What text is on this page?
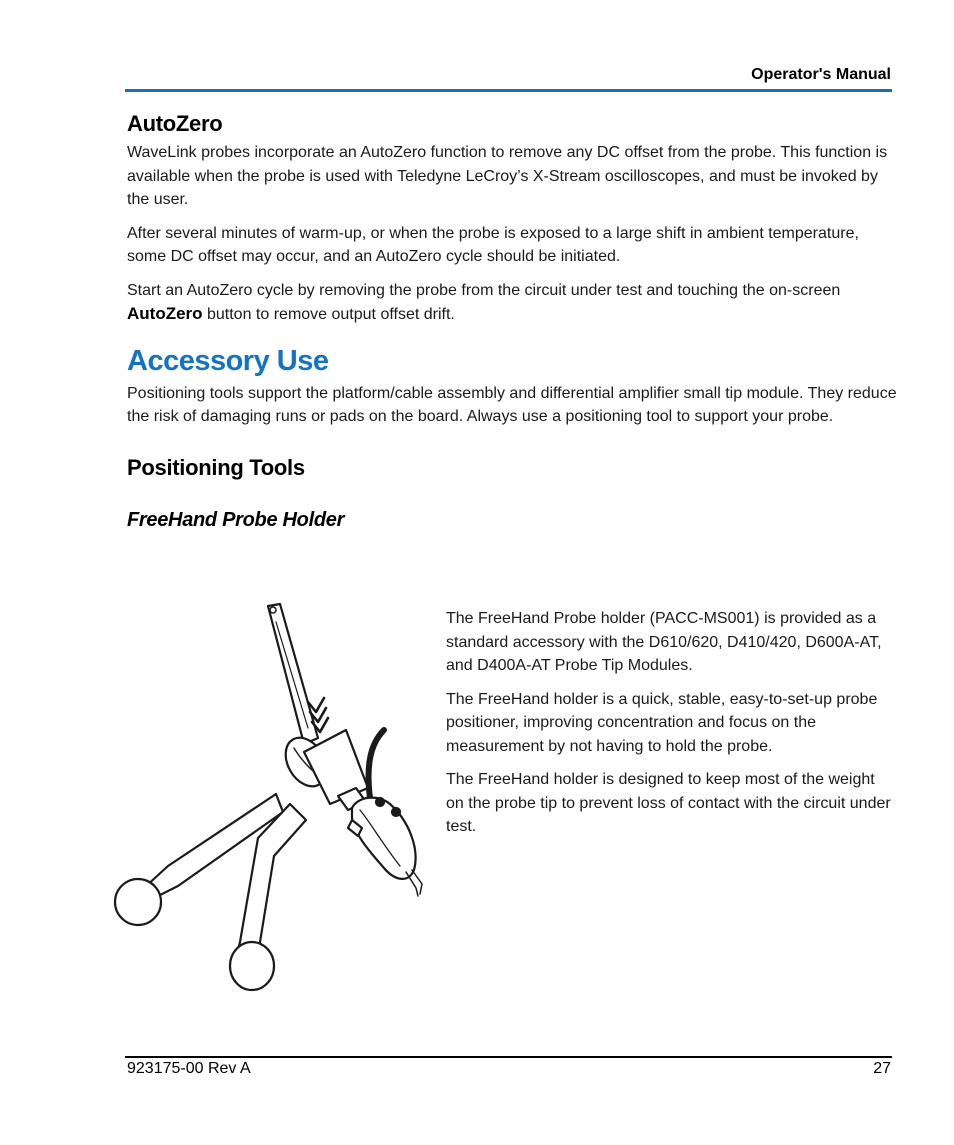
Operator's Manual
AutoZero

WaveLink probes incorporate an AutoZero function to remove any DC offset from the probe. This function is available when the probe is used with Teledyne LeCroy’s X-Stream oscilloscopes, and must be invoked by the user.

After several minutes of warm-up, or when the probe is exposed to a large shift in ambient temperature, some DC offset may occur, and an AutoZero cycle should be initiated.

Start an AutoZero cycle by removing the probe from the circuit under test and touching the on-screen AutoZero button to remove output offset drift.

Accessory Use

Positioning tools support the platform/cable assembly and differential amplifier small tip module. They reduce the risk of damaging runs or pads on the board. Always use a positioning tool to support your probe.

Positioning Tools
FreeHand Probe Holder

The FreeHand Probe holder (PACC-MS001) is provided as a standard accessory with the D610/620, D410/420, D600A-AT, and D400A-AT Probe Tip Modules.

The FreeHand holder is a quick, stable, easy-to-set-up probe positioner, improving concentration and focus on the measurement by not having to hold the probe.

The FreeHand holder is designed to keep most of the weight on the probe tip to prevent loss of contact with the circuit under test.

923175-00 Rev A	27
